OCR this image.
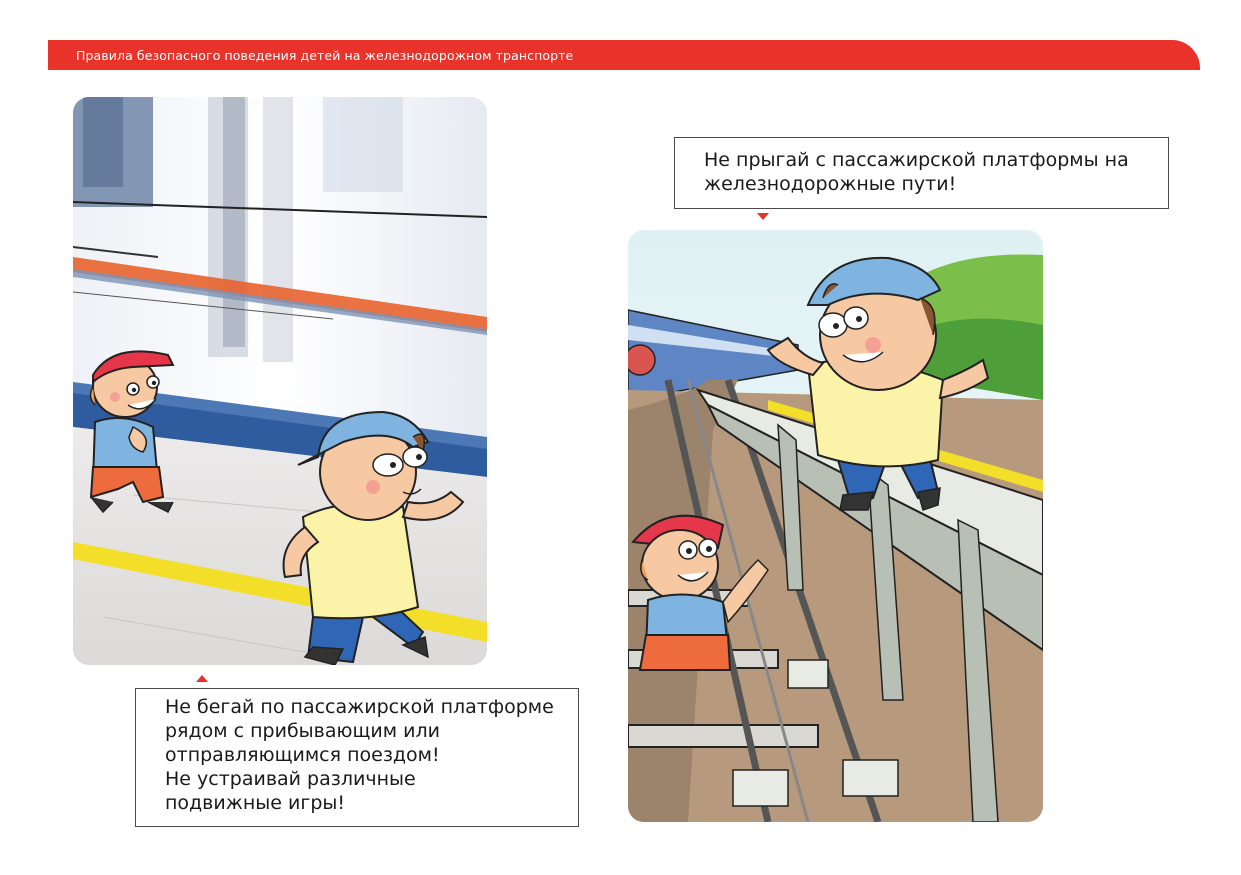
Правила безопасного поведения детей на железнодорожном транспорте
Не бегай по пассажирской платформе
рядом с прибывающим или
отправляющимся поездом!
Не устраивай различные
подвижные игры!
Не прыгай с пассажирской платформы на
железнодорожные пути!
